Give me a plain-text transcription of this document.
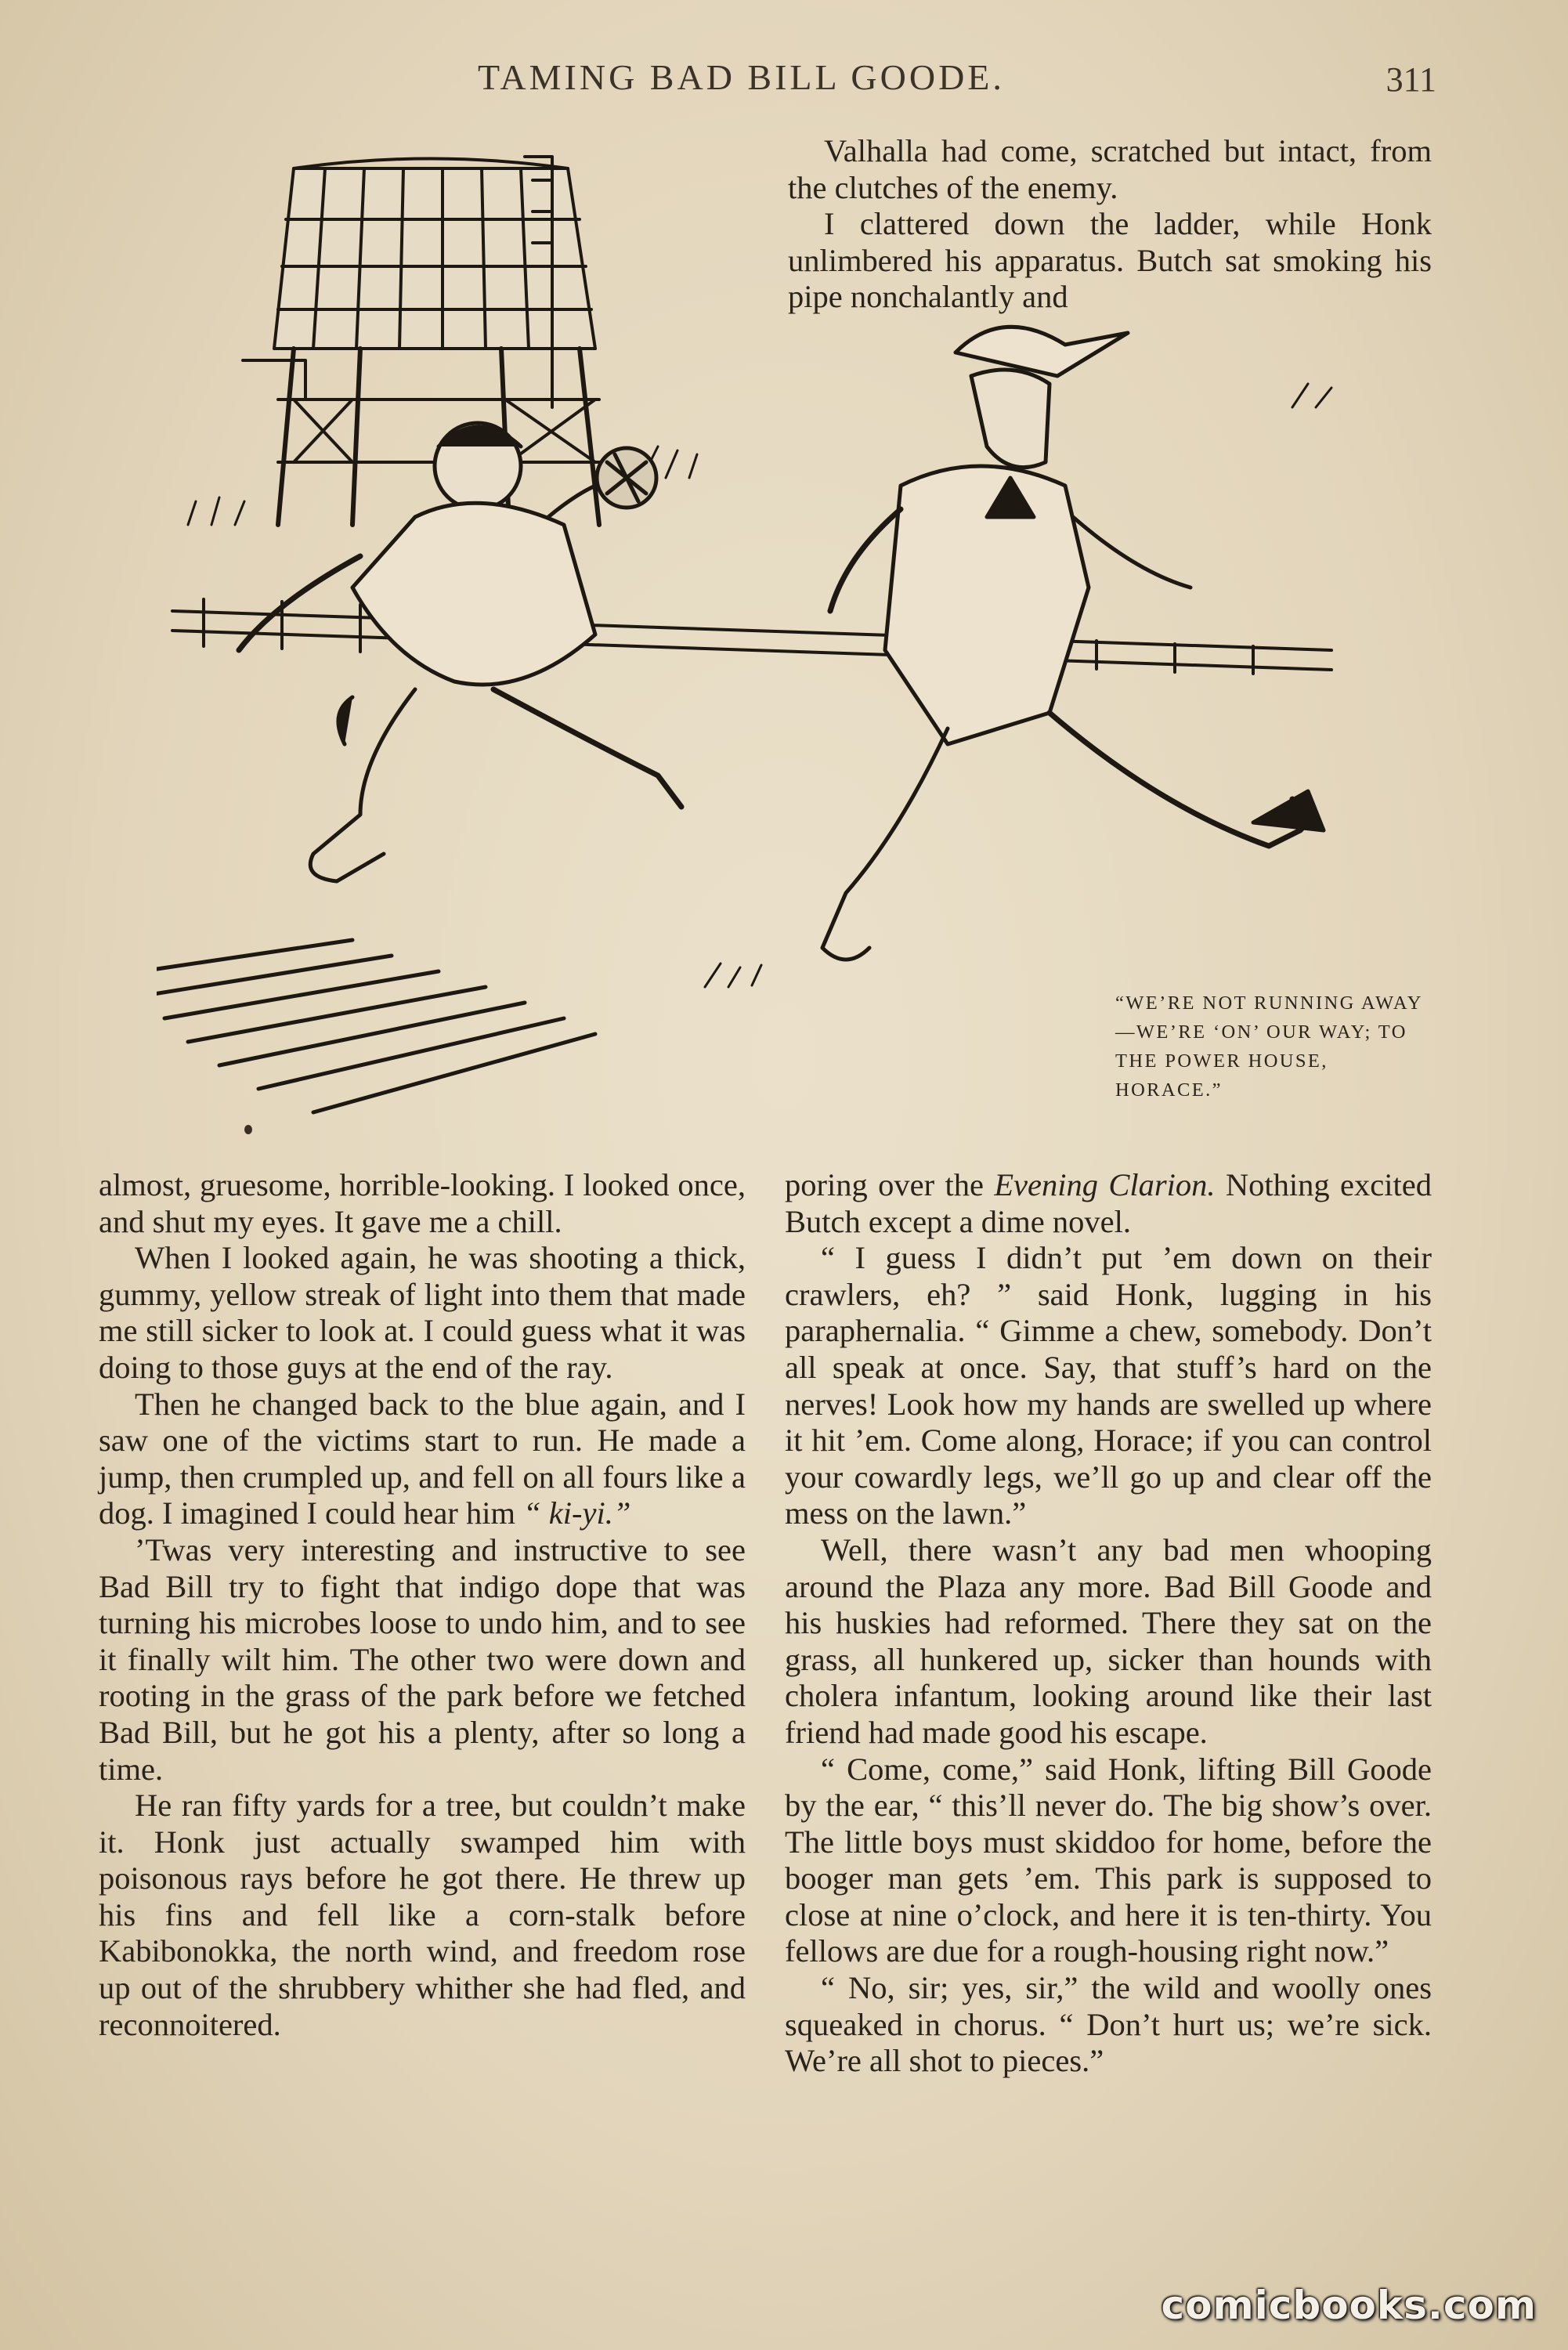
TAMING BAD BILL GOODE.	311

Valhalla had come, scratched but intact, from the clutches of the enemy.

I clattered down the ladder, while Honk unlimbered his apparatus. Butch sat smoking his pipe nonchalantly and

“WE’RE NOT RUNNING AWAY—WE’RE ‘ON’ OUR WAY; TO THE POWER HOUSE, HORACE.”

almost, gruesome, horrible-looking. I looked once, and shut my eyes. It gave me a chill.

When I looked again, he was shooting a thick, gummy, yellow streak of light into them that made me still sicker to look at. I could guess what it was doing to those guys at the end of the ray.

Then he changed back to the blue again, and I saw one of the victims start to run. He made a jump, then crumpled up, and fell on all fours like a dog. I imagined I could hear him “ ki-yi.”

’Twas very interesting and instructive to see Bad Bill try to fight that indigo dope that was turning his microbes loose to undo him, and to see it finally wilt him. The other two were down and rooting in the grass of the park before we fetched Bad Bill, but he got his a plenty, after so long a time.

He ran fifty yards for a tree, but couldn’t make it. Honk just actually swamped him with poisonous rays before he got there. He threw up his fins and fell like a corn-stalk before Kabibonokka, the north wind, and freedom rose up out of the shrubbery whither she had fled, and reconnoitered.

poring over the Evening Clarion. Nothing excited Butch except a dime novel.

“ I guess I didn’t put ’em down on their crawlers, eh? ” said Honk, lugging in his paraphernalia. “ Gimme a chew, somebody. Don’t all speak at once. Say, that stuff’s hard on the nerves! Look how my hands are swelled up where it hit ’em. Come along, Horace; if you can control your cowardly legs, we’ll go up and clear off the mess on the lawn.”

Well, there wasn’t any bad men whooping around the Plaza any more. Bad Bill Goode and his huskies had reformed. There they sat on the grass, all hunkered up, sicker than hounds with cholera infantum, looking around like their last friend had made good his escape.

“ Come, come,” said Honk, lifting Bill Goode by the ear, “ this’ll never do. The big show’s over. The little boys must skiddoo for home, before the booger man gets ’em. This park is supposed to close at nine o’clock, and here it is ten-thirty. You fellows are due for a rough-housing right now.”

“ No, sir; yes, sir,” the wild and woolly ones squeaked in chorus. “ Don’t hurt us; we’re sick. We’re all shot to pieces.”

comicbooks.com
